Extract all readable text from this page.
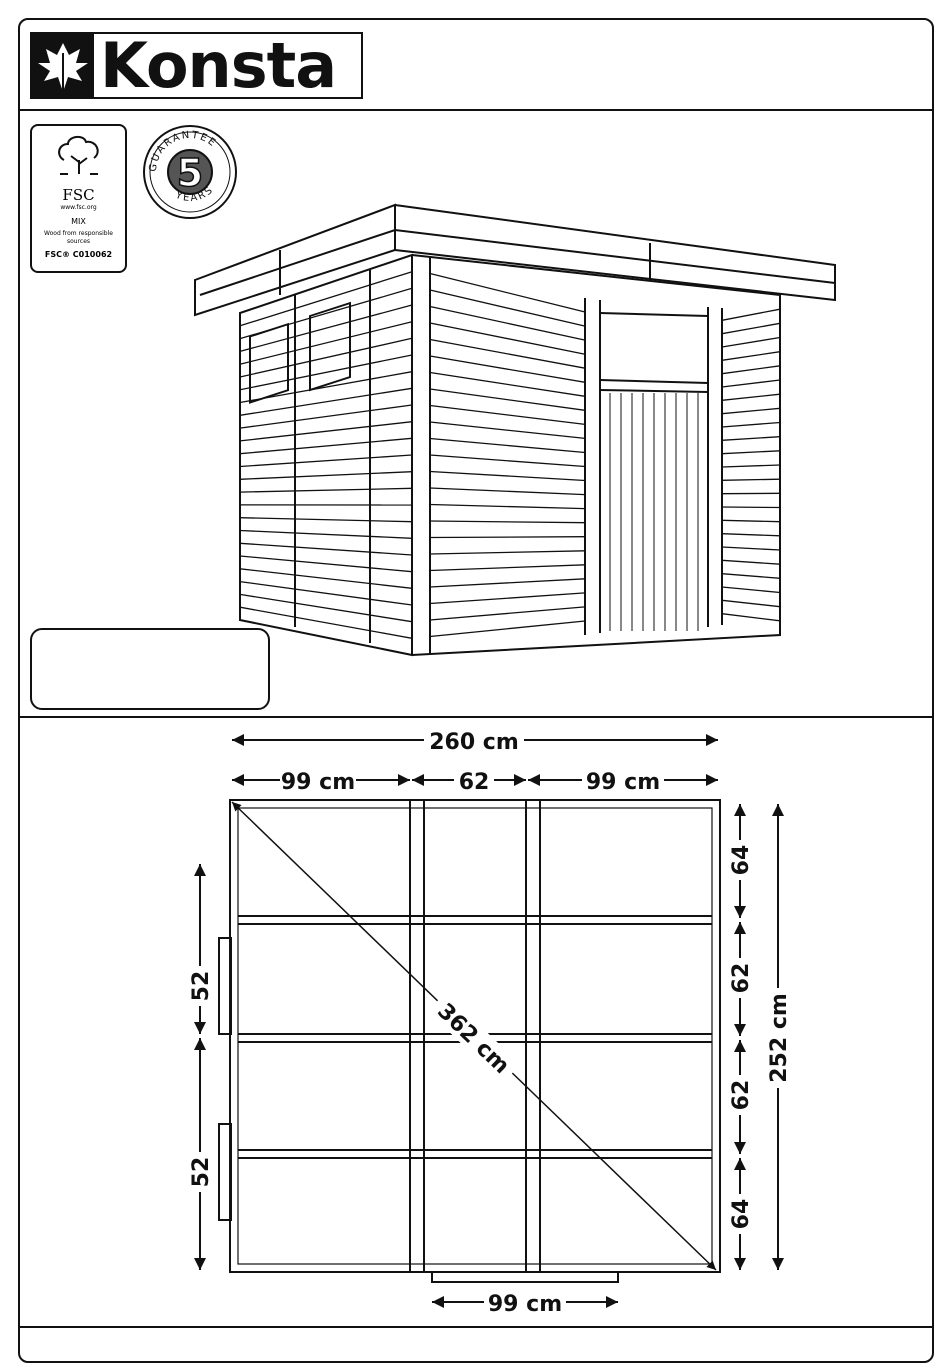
Konsta
FSC
www.fsc.org
MIX
Wood from responsible sources
FSC® C010062
GUARANTEE
YEARS
5
260 cm
99 cm	62	99 cm
362 cm	252 cm
64
62
62
64
52
52
99 cm
